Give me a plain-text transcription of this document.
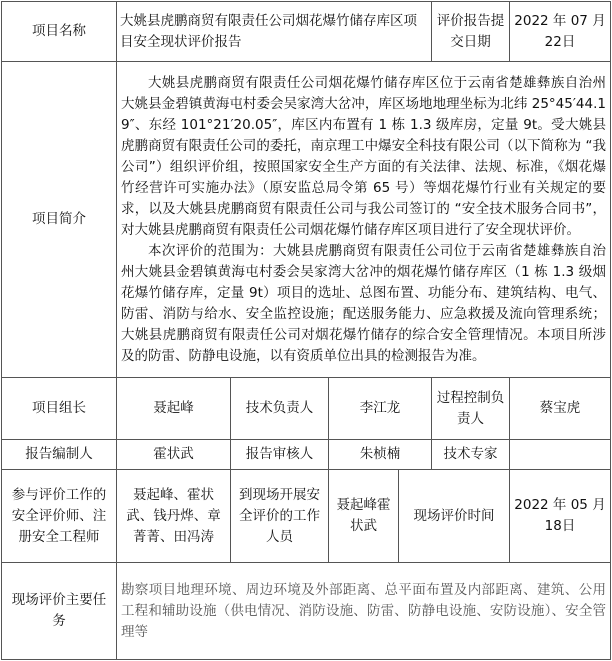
项目名称	大姚县虎鹏商贸有限责任公司烟花爆竹储存库区项目安全现状评价报告				评价报告提交日期	2022 年 07 月 22日
项目简介	大姚县虎鹏商贸有限责任公司烟花爆竹储存库区位于云南省楚雄彝族自治州大姚县金碧镇黄海屯村委会吴家湾大岔冲，库区场地地理坐标为北纬 25°45′44.19″、东经 101°21′20.05″，库区内布置有 1 栋 1.3 级库房，定量 9t。受大姚县虎鹏商贸有限责任公司的委托，南京理工中爆安全科技有限公司（以下简称为 “我公司”）组织评价组，按照国家安全生产方面的有关法律、法规、标准，《烟花爆竹经营许可实施办法》（原安监总局令第 65 号）等烟花爆竹行业有关规定的要求，以及大姚县虎鹏商贸有限责任公司与我公司签订的 “安全技术服务合同书”，对大姚县虎鹏商贸有限责任公司烟花爆竹储存库区项目进行了安全现状评价。

本次评价的范围为：大姚县虎鹏商贸有限责任公司位于云南省楚雄彝族自治州大姚县金碧镇黄海屯村委会吴家湾大岔冲的烟花爆竹储存库区（1 栋 1.3 级烟花爆竹储存库，定量 9t）项目的选址、总图布置、功能分布、建筑结构、电气、防雷、消防与给水、安全监控设施；配送服务能力、应急救援及流向管理系统；大姚县虎鹏商贸有限责任公司对烟花爆竹储存的综合安全管理情况。本项目所涉及的防雷、防静电设施，以有资质单位出具的检测报告为准。					

项目组长	聂起峰	技术负责人	李江龙		过程控制负责人	蔡宝虎
报告编制人	霍状武	报告审核人	朱桢楠		技术专家	
参与评价工作的安全评价师、注册安全工程师	聂起峰、霍状武、钱丹烨、章菁菁、田冯涛	到现场开展安全评价的工作人员	聂起峰霍状武	现场评价时间		2022 年 05 月 18日
现场评价主要任务	勘察项目地理环境、周边环境及外部距离、总平面布置及内部距离、建筑、公用工程和辅助设施（供电情况、消防设施、防雷、防静电设施、安防设施）、安全管理等					
